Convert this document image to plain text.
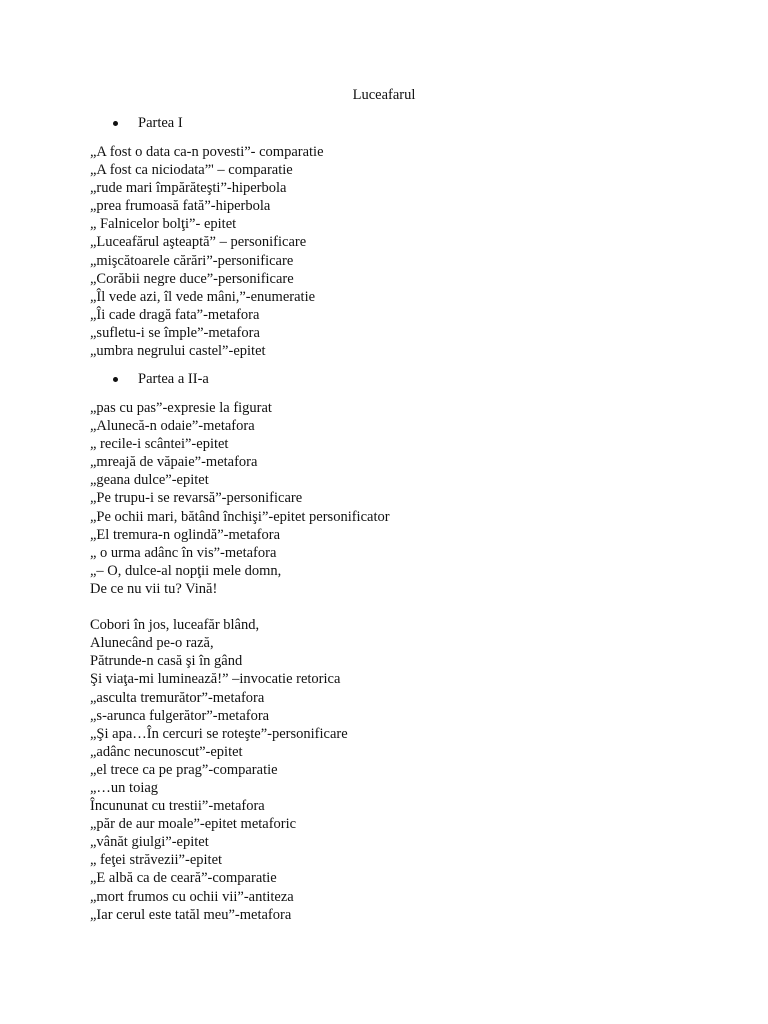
Luceafarul
Partea I
„A fost o data ca-n povesti”- comparatie
„A fost ca niciodata”' – comparatie
„rude mari împărăteşti”-hiperbola
„prea frumoasă fată”-hiperbola
„ Falnicelor bolţi”- epitet
„Luceafărul aşteaptă” – personificare
„mişcătoarele cărări”-personificare
„Corăbii negre duce”-personificare
„Îl vede azi, îl vede mâni,”-enumeratie
„Îi cade dragă fata”-metafora
„sufletu-i se împle”-metafora
„umbra negrului castel”-epitet
Partea a II-a
„pas cu pas”-expresie la figurat
„Alunecă-n odaie”-metafora
„ recile-i scântei”-epitet
„mreajă de văpaie”-metafora
„geana dulce”-epitet
„Pe trupu-i se revarsă”-personificare
„Pe ochii mari, bătând închişi”-epitet personificator
„El tremura-n oglindă”-metafora
„ o urma adânc în vis”-metafora
„– O, dulce-al nopţii mele domn,
De ce nu vii tu? Vină!
Cobori în jos, luceafăr blând,
Alunecând pe-o rază,
Pătrunde-n casă şi în gând
Şi viaţa-mi luminează!” –invocatie retorica
„asculta tremurător”-metafora
„s-arunca fulgerător”-metafora
„Şi apa…În cercuri se roteşte”-personificare
„adânc necunoscut”-epitet
„el trece ca pe prag”-comparatie
„…un toiag
Încununat cu trestii”-metafora
„păr de aur moale”-epitet metaforic
„vânăt giulgi”-epitet
„ feţei străvezii”-epitet
„E albă ca de ceară”-comparatie
„mort frumos cu ochii vii”-antiteza
„Iar cerul este tatăl meu”-metafora
